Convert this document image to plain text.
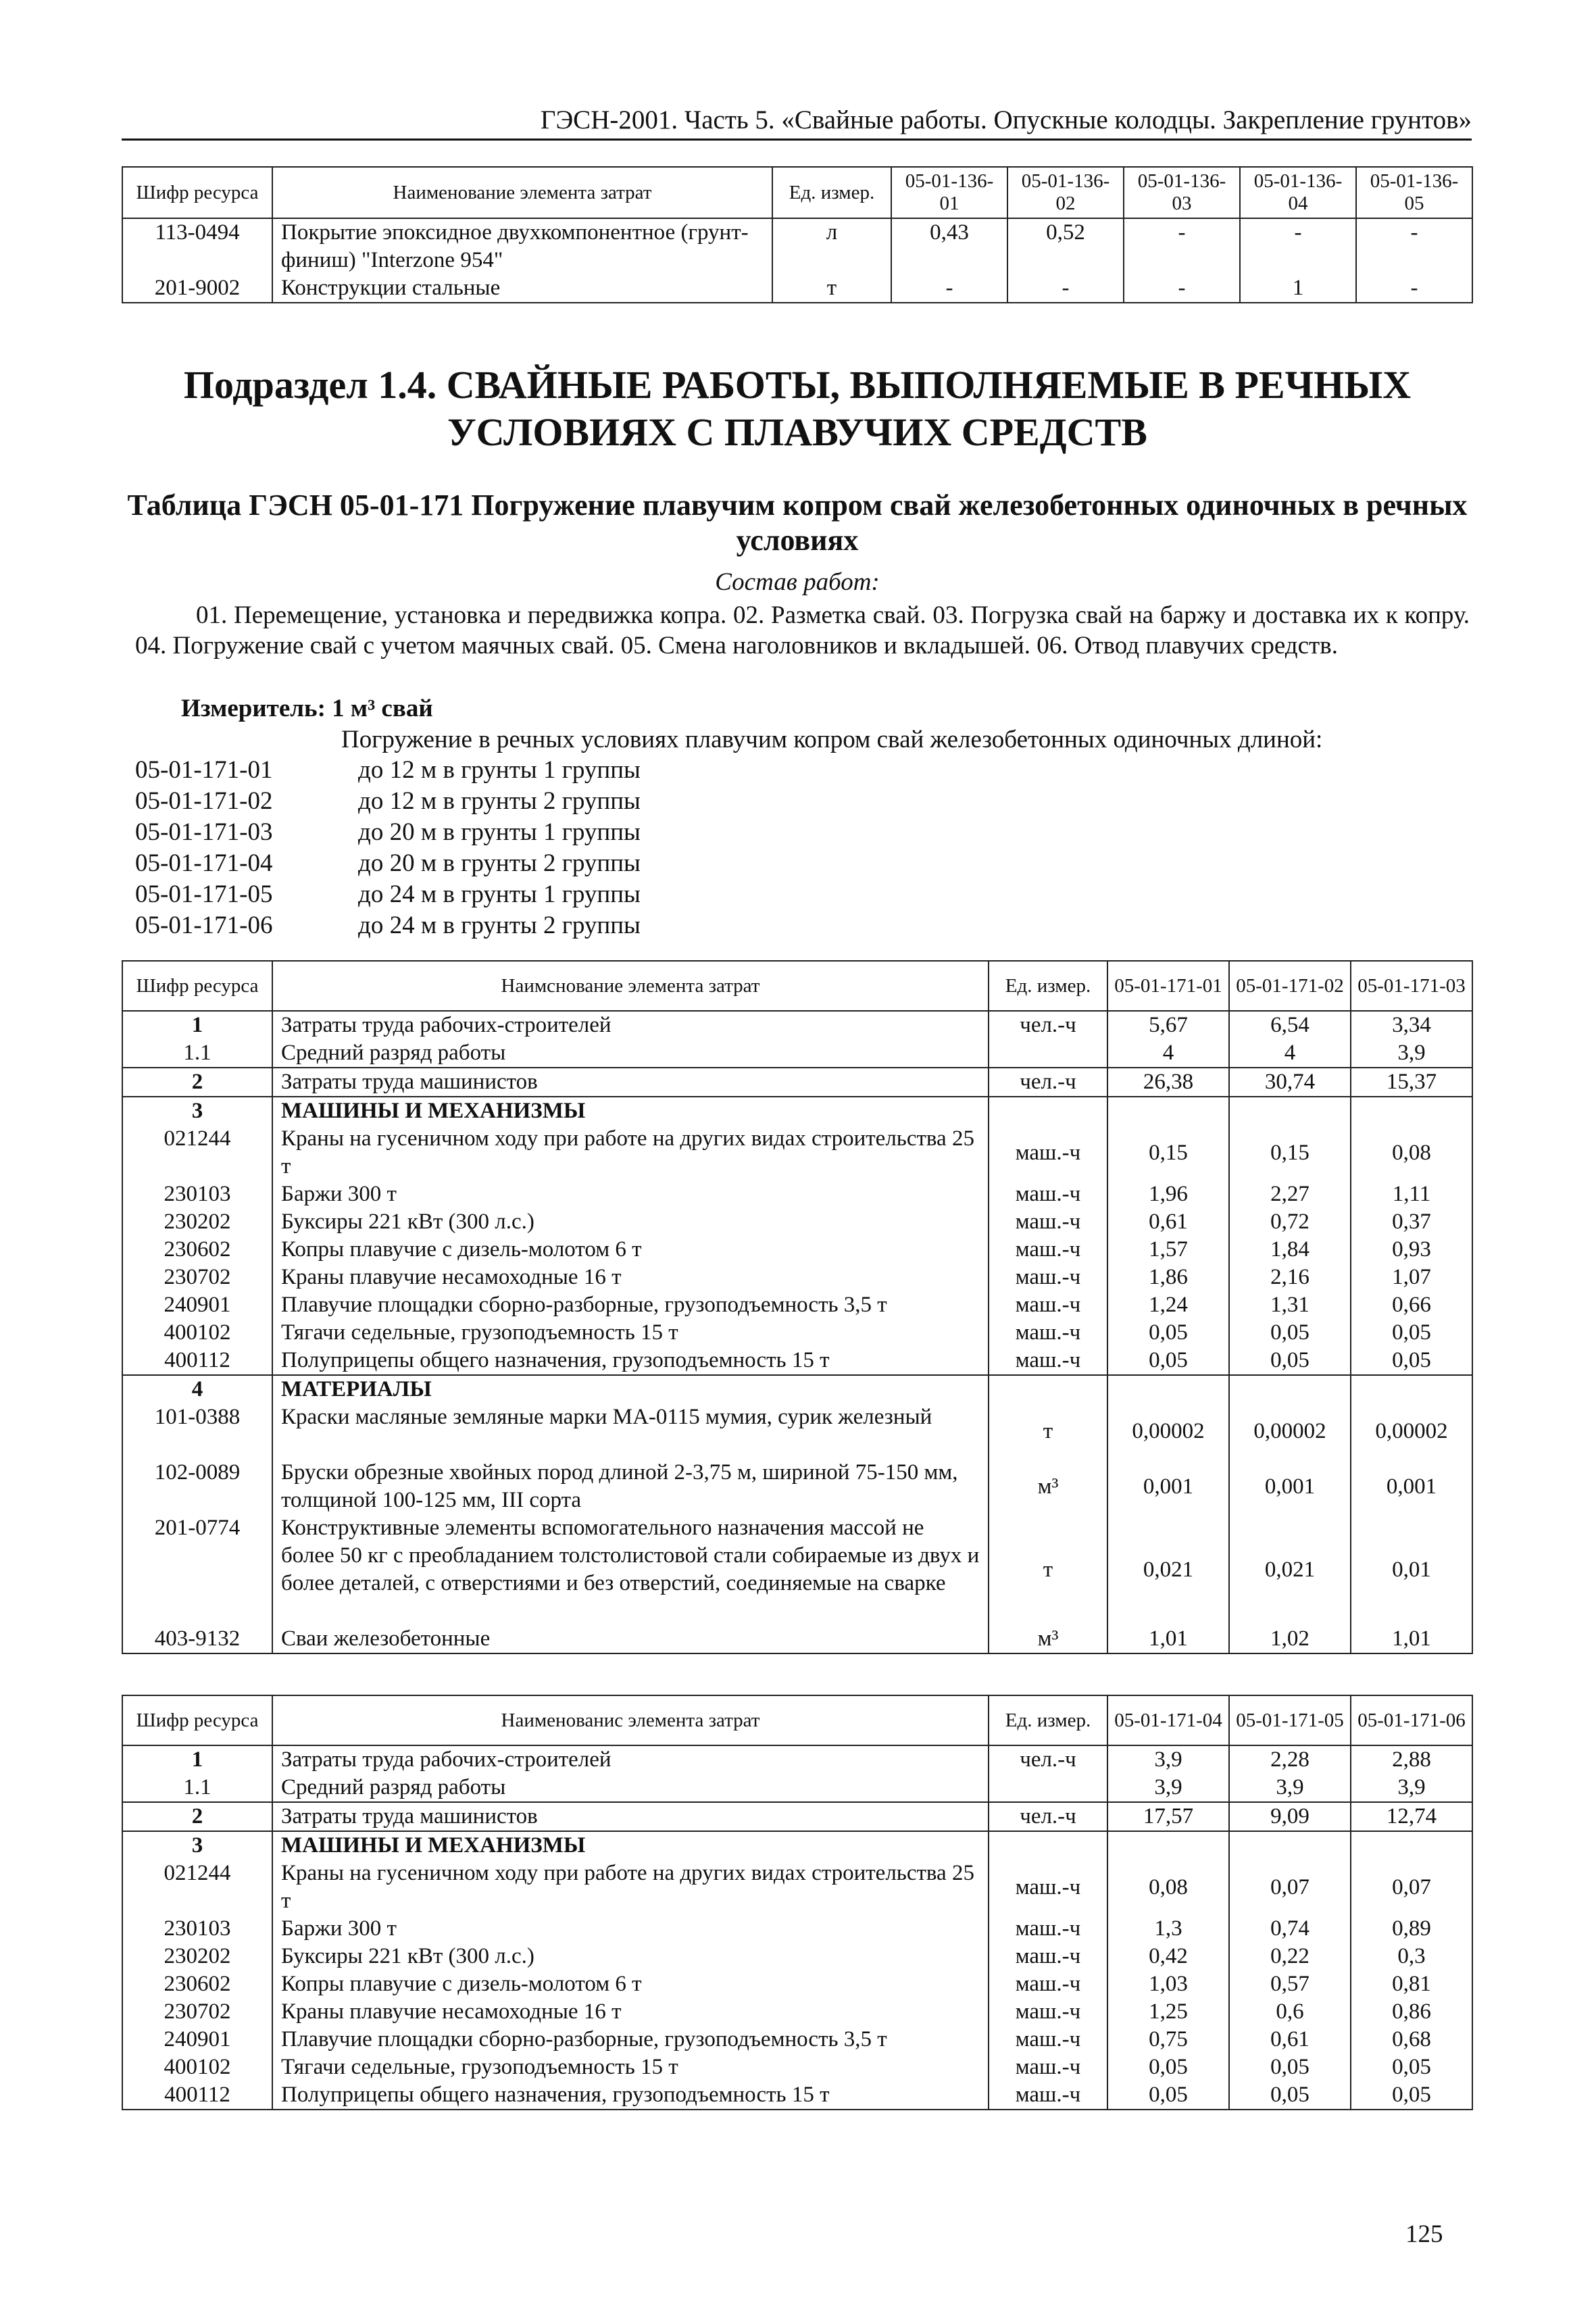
ГЭСН-2001. Часть 5. «Свайные работы. Опускные колодцы. Закрепление грунтов»
Шифр ресурса	Наименование элемента затрат	Ед. измер.	05-01-136-01	05-01-136-02	05-01-136-03	05-01-136-04	05-01-136-05
113-0494	Покрытие эпоксидное двухкомпонентное (грунт-финиш) "Interzone 954"	л	0,43	0,52	-	-	-
201-9002	Конструкции стальные	т	-	-	-	1	-
Подраздел 1.4. СВАЙНЫЕ РАБОТЫ, ВЫПОЛНЯЕМЫЕ В РЕЧНЫХ УСЛОВИЯХ С ПЛАВУЧИХ СРЕДСТВ
Таблица ГЭСН 05-01-171 Погружение плавучим копром свай железобетонных одиночных в речных условиях
Состав работ:
01. Перемещение, установка и передвижка копра. 02. Разметка свай. 03. Погрузка свай на баржу и доставка их к копру. 04. Погружение свай с учетом маячных свай. 05. Смена наголовников и вкладышей. 06. Отвод плавучих средств.
Измеритель: 1 м³ свай
Погружение в речных условиях плавучим копром свай железобетонных одиночных длиной:
05-01-171-01	до 12 м в грунты 1 группы
05-01-171-02	до 12 м в грунты 2 группы
05-01-171-03	до 20 м в грунты 1 группы
05-01-171-04	до 20 м в грунты 2 группы
05-01-171-05	до 24 м в грунты 1 группы
05-01-171-06	до 24 м в грунты 2 группы
Шифр ресурса	Наимснование элемента затрат	Ед. измер.	05-01-171-01	05-01-171-02	05-01-171-03
1	Затраты труда рабочих-строителей	чел.-ч	5,67	6,54	3,34
1.1	Средний разряд работы		4	4	3,9
2	Затраты труда машинистов	чел.-ч	26,38	30,74	15,37
3	МАШИНЫ И МЕХАНИЗМЫ				
021244	Краны на гусеничном ходу при работе на других видах строительства 25 т	маш.-ч	0,15	0,15	0,08
230103	Баржи 300 т	маш.-ч	1,96	2,27	1,11
230202	Буксиры 221 кВт (300 л.с.)	маш.-ч	0,61	0,72	0,37
230602	Копры плавучие с дизель-молотом 6 т	маш.-ч	1,57	1,84	0,93
230702	Краны плавучие несамоходные 16 т	маш.-ч	1,86	2,16	1,07
240901	Плавучие площадки сборно-разборные, грузоподъемность 3,5 т	маш.-ч	1,24	1,31	0,66
400102	Тягачи седельные, грузоподъемность 15 т	маш.-ч	0,05	0,05	0,05
400112	Полуприцепы общего назначения, грузоподъемность 15 т	маш.-ч	0,05	0,05	0,05
4	МАТЕРИАЛЫ				
101-0388	Краски масляные земляные марки МА-0115 мумия, сурик железный	т	0,00002	0,00002	0,00002
102-0089	Бруски обрезные хвойных пород длиной 2-3,75 м, шириной 75-150 мм, толщиной 100-125 мм, III сорта	м³	0,001	0,001	0,001
201-0774	Конструктивные элементы вспомогательного назначения массой не более 50 кг с преобладанием толстолистовой стали собираемые из двух и более деталей, с отверстиями и без отверстий, соединяемые на сварке	т	0,021	0,021	0,01
403-9132	Сваи железобетонные	м³	1,01	1,02	1,01
Шифр ресурса	Наименованис элемента затрат	Ед. измер.	05-01-171-04	05-01-171-05	05-01-171-06
1	Затраты труда рабочих-строителей	чел.-ч	3,9	2,28	2,88
1.1	Средний разряд работы		3,9	3,9	3,9
2	Затраты труда машинистов	чел.-ч	17,57	9,09	12,74
3	МАШИНЫ И МЕХАНИЗМЫ				
021244	Краны на гусеничном ходу при работе на других видах строительства 25 т	маш.-ч	0,08	0,07	0,07
230103	Баржи 300 т	маш.-ч	1,3	0,74	0,89
230202	Буксиры 221 кВт (300 л.с.)	маш.-ч	0,42	0,22	0,3
230602	Копры плавучие с дизель-молотом 6 т	маш.-ч	1,03	0,57	0,81
230702	Краны плавучие несамоходные 16 т	маш.-ч	1,25	0,6	0,86
240901	Плавучие площадки сборно-разборные, грузоподъемность 3,5 т	маш.-ч	0,75	0,61	0,68
400102	Тягачи седельные, грузоподъемность 15 т	маш.-ч	0,05	0,05	0,05
400112	Полуприцепы общего назначения, грузоподъемность 15 т	маш.-ч	0,05	0,05	0,05
125
